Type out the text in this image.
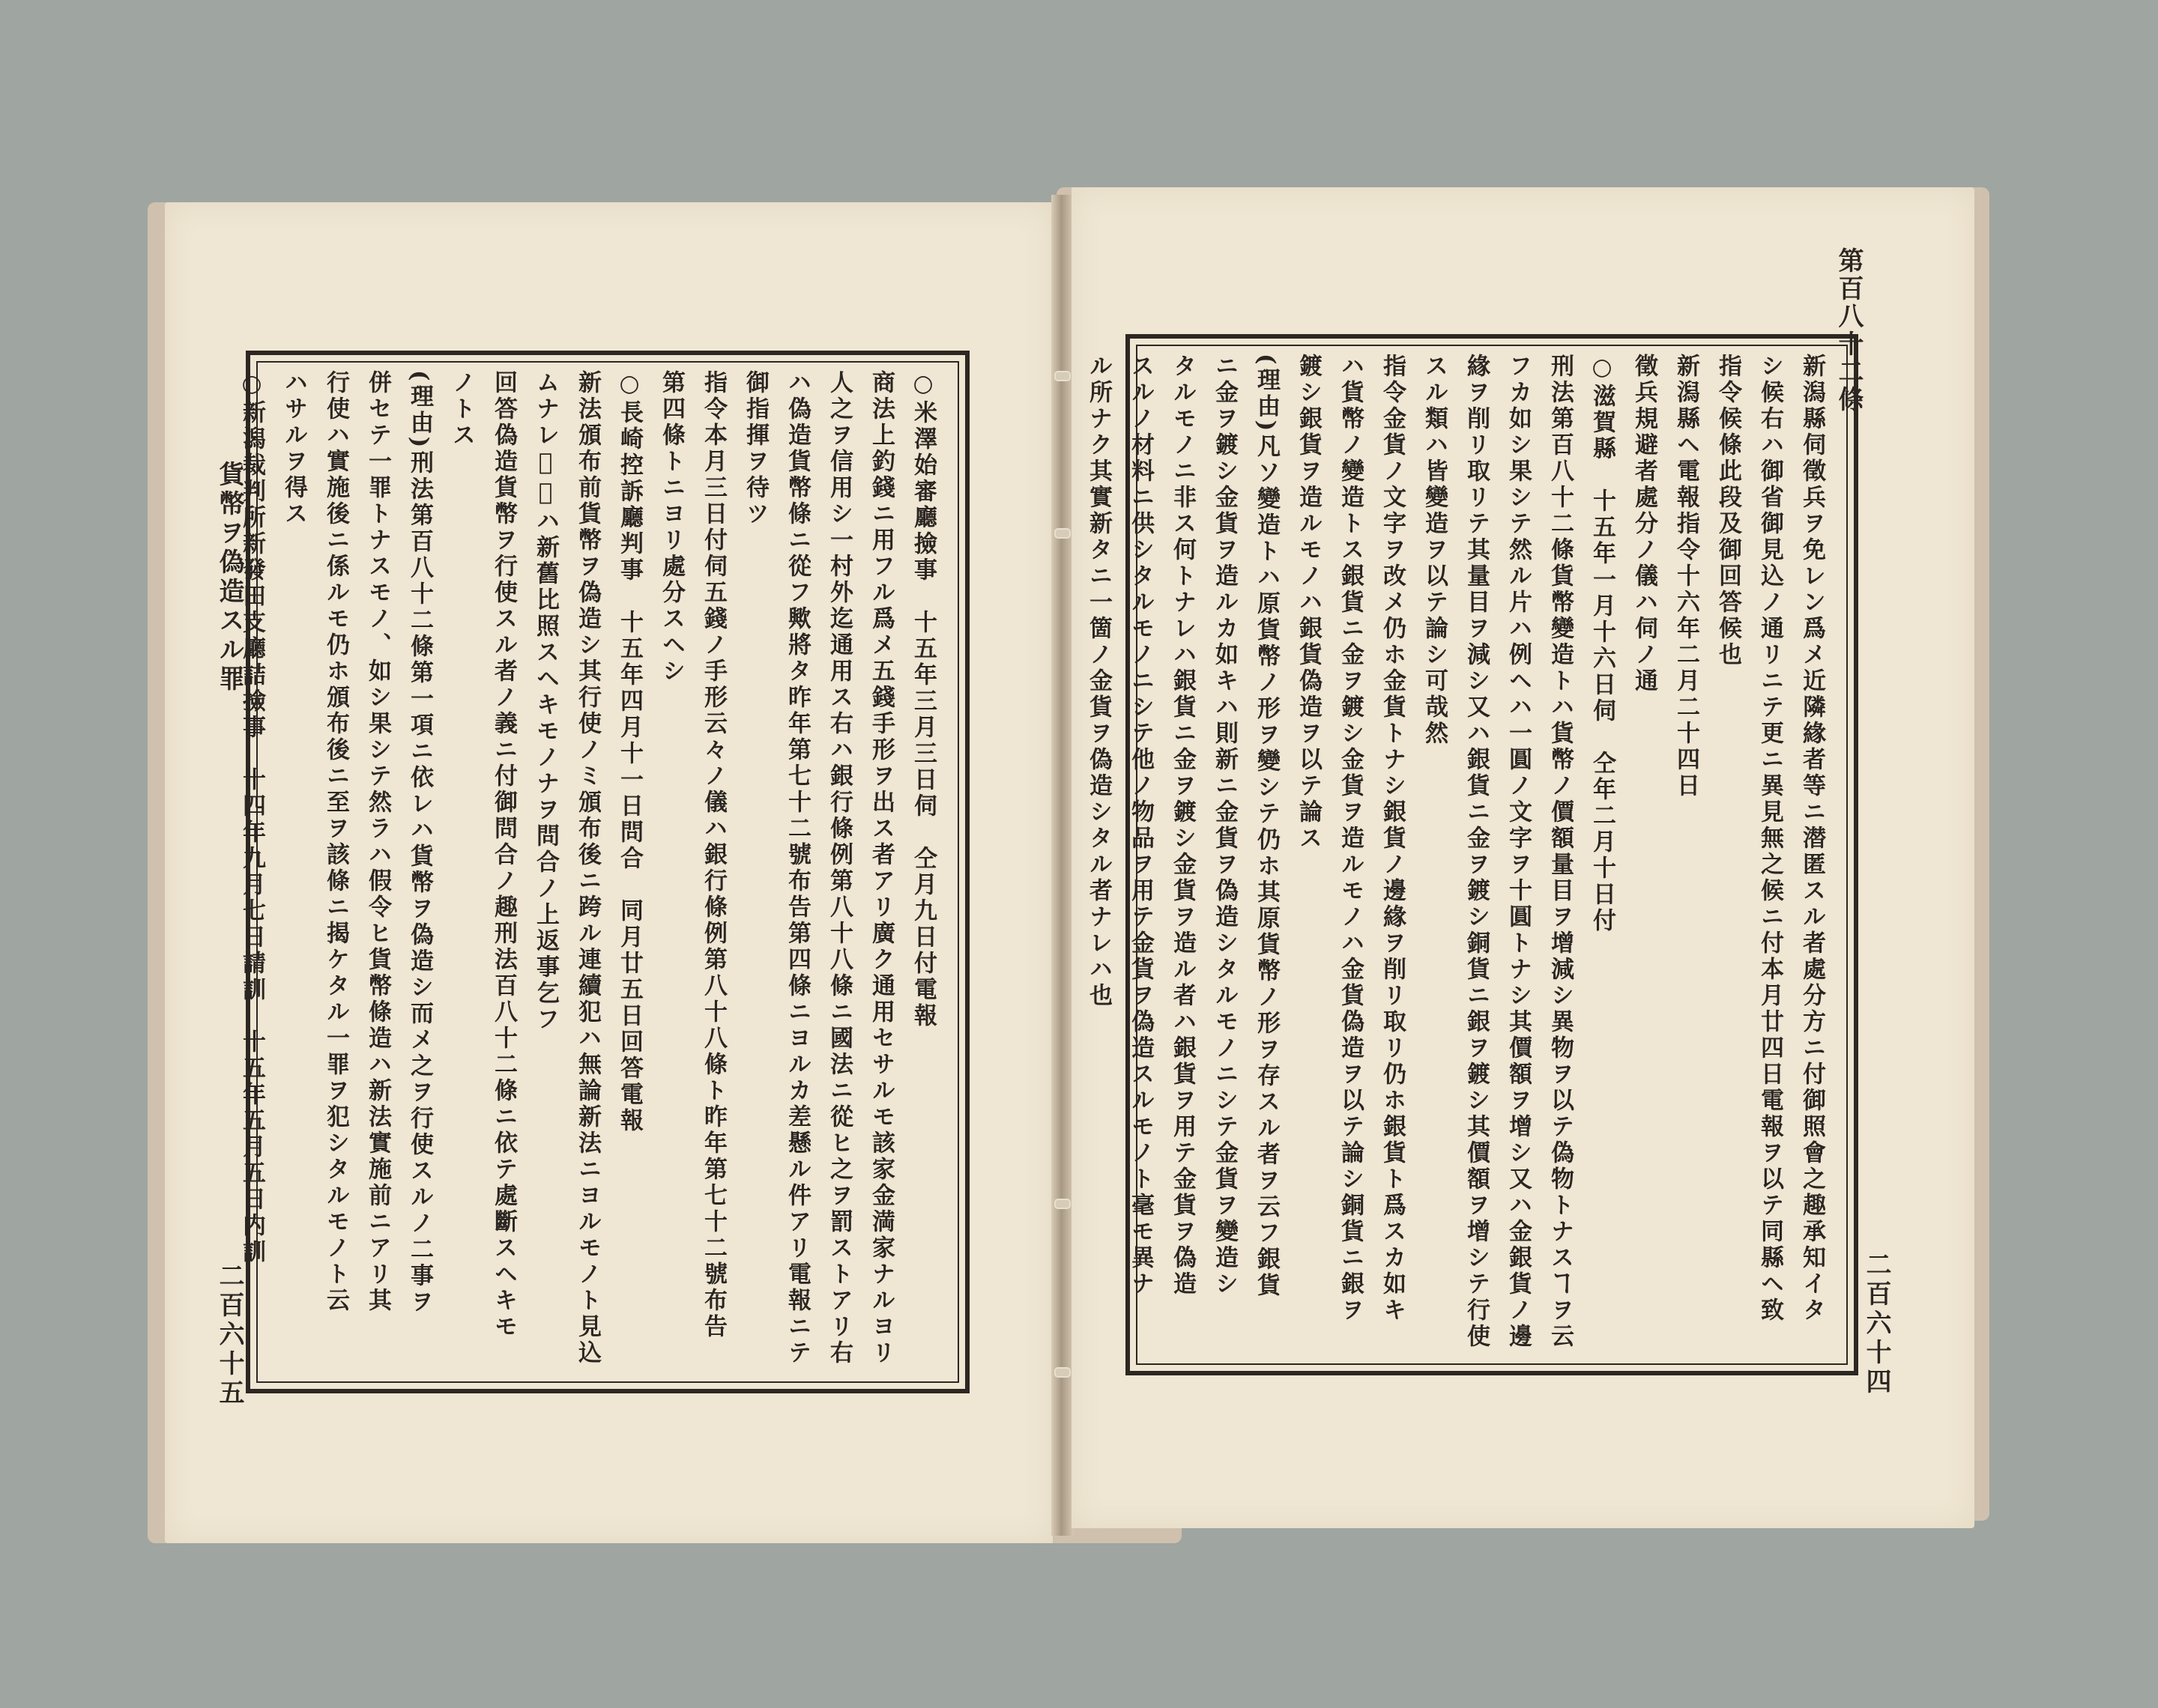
貨幣ヲ偽造スル罪
二百六十五

○米澤始審廳撿事　十五年三月三日伺　仝月九日付電報

商法上釣錢ニ用フル爲メ五錢手形ヲ出ス者アリ廣ク通用セサルモ該家金満家ナルヨリ

人之ヲ信用シ一村外迄通用ス右ハ銀行條例第八十八條ニ國法ニ從ヒ之ヲ罰ストアリ右

ハ偽造貨幣條ニ從フ歟將タ昨年第七十二號布告第四條ニヨルカ差懸ル件アリ電報ニテ

御指揮ヲ待ツ

指令本月三日付伺五錢ノ手形云々ノ儀ハ銀行條例第八十八條ト昨年第七十二號布告

第四條トニヨリ處分スヘシ

○長崎控訴廳判事　十五年四月十一日問合　同月廿五日回答電報

新法頒布前貨幣ヲ偽造シ其行使ノミ頒布後ニ跨ル連續犯ハ無論新法ニヨルモノト見込

ムナレ𪜈或ハ新舊比照スヘキモノナヲ問合ノ上返事乞フ

回答偽造貨幣ヲ行使スル者ノ義ニ付御問合ノ趣刑法百八十二條ニ依テ處斷スヘキモ

ノトス

(理由)刑法第百八十二條第一項ニ依レハ貨幣ヲ偽造シ而メ之ヲ行使スルノ二事ヲ

併セテ一罪トナスモノ、如シ果シテ然ラハ假令ヒ貨幣條造ハ新法實施前ニアリ其

行使ハ實施後ニ係ルモ仍ホ頒布後ニ至ヲ該條ニ揭ケタル一罪ヲ犯シタルモノト云

ハサルヲ得ス

○新潟裁判所新發田支廳詰撿事　十四年九月七日請訓　十五年五月五日内訓

第百八十二條
二百六十四

新潟縣伺徵兵ヲ免レン爲メ近隣緣者等ニ潜匿スル者處分方ニ付御照會之趣承知イタ

シ候右ハ御省御見込ノ通リニテ更ニ異見無之候ニ付本月廿四日電報ヲ以テ同縣ヘ致

指令候條此段及御回答候也

新潟縣ヘ電報指令十六年二月二十四日

徵兵規避者處分ノ儀ハ伺ノ通

○滋賀縣　十五年一月十六日伺　仝年二月十日付

刑法第百八十二條貨幣變造トハ貨幣ノ價額量目ヲ增減シ異物ヲ以テ偽物トナスヿヲ云

フカ如シ果シテ然ル片ハ例ヘハ一圓ノ文字ヲ十圓トナシ其價額ヲ增シ又ハ金銀貨ノ邊

緣ヲ削リ取リテ其量目ヲ減シ又ハ銀貨ニ金ヲ鍍シ銅貨ニ銀ヲ鍍シ其價額ヲ增シテ行使

スル類ハ皆變造ヲ以テ論シ可哉然

指令金貨ノ文字ヲ改メ仍ホ金貨トナシ銀貨ノ邊緣ヲ削リ取リ仍ホ銀貨ト爲スカ如キ

ハ貨幣ノ變造トス銀貨ニ金ヲ鍍シ金貨ヲ造ルモノハ金貨偽造ヲ以テ論シ銅貨ニ銀ヲ

鍍シ銀貨ヲ造ルモノハ銀貨偽造ヲ以テ論ス

(理由)凡ソ變造トハ原貨幣ノ形ヲ變シテ仍ホ其原貨幣ノ形ヲ存スル者ヲ云フ銀貨

ニ金ヲ鍍シ金貨ヲ造ルカ如キハ則新ニ金貨ヲ偽造シタルモノニシテ金貨ヲ變造シ

タルモノニ非ス何トナレハ銀貨ニ金ヲ鍍シ金貨ヲ造ル者ハ銀貨ヲ用テ金貨ヲ偽造

スルノ材料ニ供シタルモノニシテ他ノ物品ヲ用テ金貨ヲ偽造スルモノト毫モ異ナ

ル所ナク其實新タニ一箇ノ金貨ヲ偽造シタル者ナレハ也
